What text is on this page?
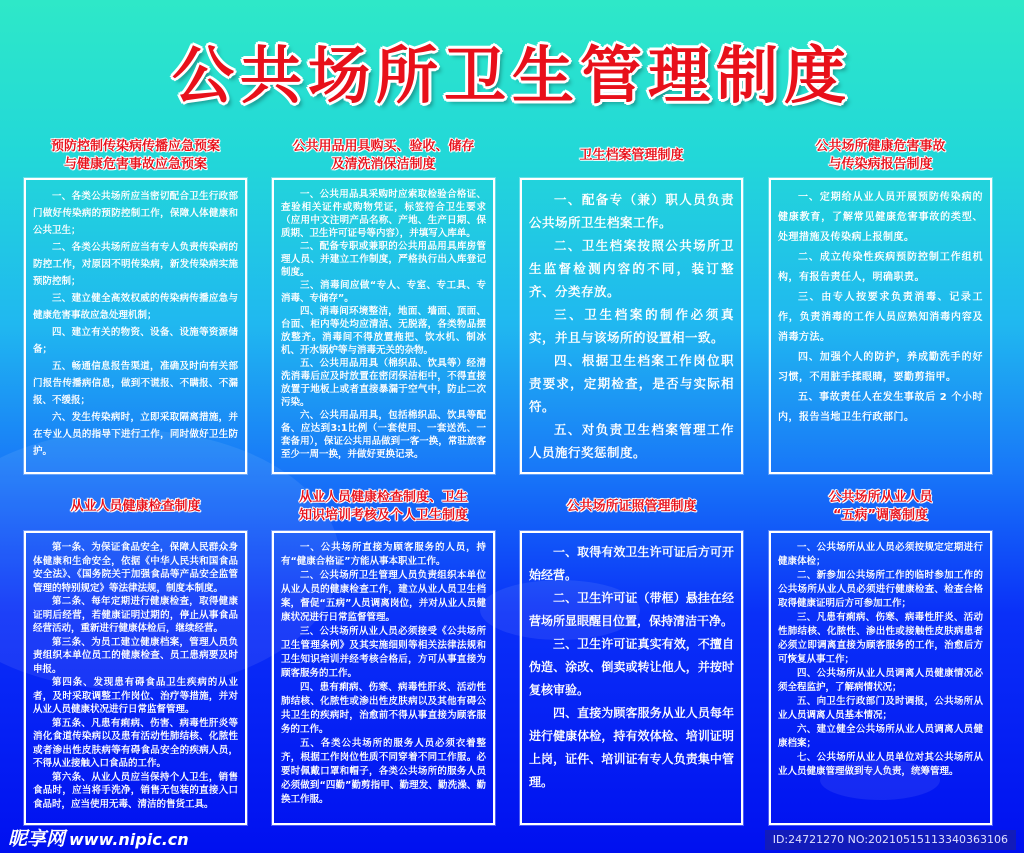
公共场所卫生管理制度
预防控制传染病传播应急预案
与健康危害事故应急预案

一、各类公共场所应当密切配合卫生行政部门做好传染病的预防控制工作，保障人体健康和公共卫生；

二、各类公共场所应当有专人负责传染病的防控工作，对原因不明传染病，新发传染病实施预防控制；

三、建立健全高效权威的传染病传播应急与健康危害事故应急处理机制；

四、建立有关的物资、设备、设施等资源储备；

五、畅通信息报告渠道，准确及时向有关部门报告传播病信息，做到不谎报、不瞒报、不漏报、不缓报；

六、发生传染病时，立即采取隔离措施，并在专业人员的指导下进行工作，同时做好卫生防护。

公共用品用具购买、验收、储存
及清洗消保洁制度

一、公共用品具采购时应索取检验合格证、查验相关证件或购物凭证，标签符合卫生要求（应用中文注明产品名称、产地、生产日期、保质期、卫生许可证号等内容），并填写入库单。

二、配备专职或兼职的公共用品用具库房管理人员、并建立工作制度，严格执行出入库登记制度。

三、消毒间应做“专人、专室、专工具、专消毒、专储存”。

四、消毒间环境整洁，地面、墙面、顶面、台面、柜内等处均应清洁、无脱落，各类物品摆放整齐。消毒间不得放置拖把、饮水机、制冰机、开水锅炉等与消毒无关的杂物。

五、公共用品用具（棉织品、饮具等）经清洗消毒后应及时放置在密闭保洁柜中，不得直接放置于地板上或者直接暴漏于空气中，防止二次污染。

六、公共用品用具，包括棉织品、饮具等配备、应达到3:1比例（一套使用、一套送洗、一套备用），保证公共用品做到一客一换，常驻旅客至少一周一换，并做好更换记录。

卫生档案管理制度

一、配备专（兼）职人员负责公共场所卫生档案工作。

二、卫生档案按照公共场所卫生监督检测内容的不同，装订整齐、分类存放。

三、卫生档案的制作必须真实，并且与该场所的设置相一致。

四、根据卫生档案工作岗位职责要求，定期检查，是否与实际相符。

五、对负责卫生档案管理工作人员施行奖惩制度。

公共场所健康危害事故
与传染病报告制度

一、定期给从业人员开展预防传染病的健康教育，了解常见健康危害事故的类型、处理措施及传染病上报制度。

二、成立传染性疾病预防控制工作组机构，有报告责任人，明确职责。

三、由专人按要求负责消毒、记录工作，负责消毒的工作人员应熟知消毒内容及消毒方法。

四、加强个人的防护，养成勤洗手的好习惯，不用脏手揉眼睛，要勤剪指甲。

五、事故责任人在发生事故后 2 个小时内，报告当地卫生行政部门。

从业人员健康检查制度

第一条、为保证食品安全，保障人民群众身体健康和生命安全，依据《中华人民共和国食品安全法》、《国务院关于加强食品等产品安全监管管理的特别规定》等法律法规，制度本制度。

第二条、每年定期进行健康检查，取得健康证明后经营，若健康证明过期的，停止从事食品经营活动，重新进行健康体检后，继续经营。

第三条、为员工建立健康档案，管理人员负责组织本单位员工的健康检查、员工患病要及时申报。

第四条、发现患有碍食品卫生疾病的从业者，及时采取调整工作岗位、治疗等措施，并对从业人员健康状况进行日常监督管理。

第五条、凡患有痢病、伤害、病毒性肝炎等消化食道传染病以及患有活动性肺结核、化脓性或者渗出性皮肤病等有碍食品安全的疾病人员，不得从业接触入口食品的工作。

第六条、从业人员应当保持个人卫生，销售食品时，应当将手洗净，销售无包装的直接入口食品时，应当使用无毒、清洁的售货工具。

从业人员健康检查制度、卫生
知识培训考核及个人卫生制度

一、公共场所直接为顾客服务的人员，持有“健康合格证”方能从事本职业工作。

二、公共场所卫生管理人员负责组织本单位从业人员的健康检查工作，建立从业人员卫生档案，督促“五病”人员调离岗位，并对从业人员健康状况进行日常监督管理。

三、公共场所从业人员必须接受《公共场所卫生管理条例》及其实施细则等相关法律法规和卫生知识培训并经考核合格后，方可从事直接为顾客服务的工作。

四、患有痢病、伤寒、病毒性肝炎、活动性肺结核、化脓性或渗出性皮肤病以及其他有碍公共卫生的疾病时，治愈前不得从事直接为顾客服务的工作。

五、各类公共场所的服务人员必须衣着整齐，根据工作岗位性质不同穿着不同工作服。必要时佩戴口罩和帽子，各类公共场所的服务人员必须做到“四勤”勤剪指甲、勤理发、勤洗澡、勤换工作服。

公共场所证照管理制度

一、取得有效卫生许可证后方可开始经营。

二、卫生许可证（带框）悬挂在经营场所显眼醒目位置，保持清洁干净。

三、卫生许可证真实有效，不擅自伪造、涂改、倒卖或转让他人，并按时复核审验。

四、直接为顾客服务从业人员每年进行健康体检，持有效体检、培训证明上岗，证件、培训证有专人负责集中管理。

公共场所从业人员
“五病”调离制度

一、公共场所从业人员必须按规定定期进行健康体检；

二、新参加公共场所工作的临时参加工作的公共场所从业人员必须进行健康检查、检查合格取得健康证明后方可参加工作；

三、凡患有痢病、伤寒、病毒性肝炎、活动性肺结核、化脓性、渗出性或接触性皮肤病患者必须立即调离直接为顾客服务的工作，治愈后方可恢复从事工作；

四、公共场所从业人员调离人员健康情况必须全程监护，了解病情状况；

五、向卫生行政部门及时调报，公共场所从业人员调离人员基本情况；

六、建立健全公共场所从业人员调离人员健康档案；

七、公共场所从业人员单位对其公共场所从业人员健康管理做到专人负责，统筹管理。

昵享网 www.nipic.cn	ID:24721270 NO:20210515113340363106
